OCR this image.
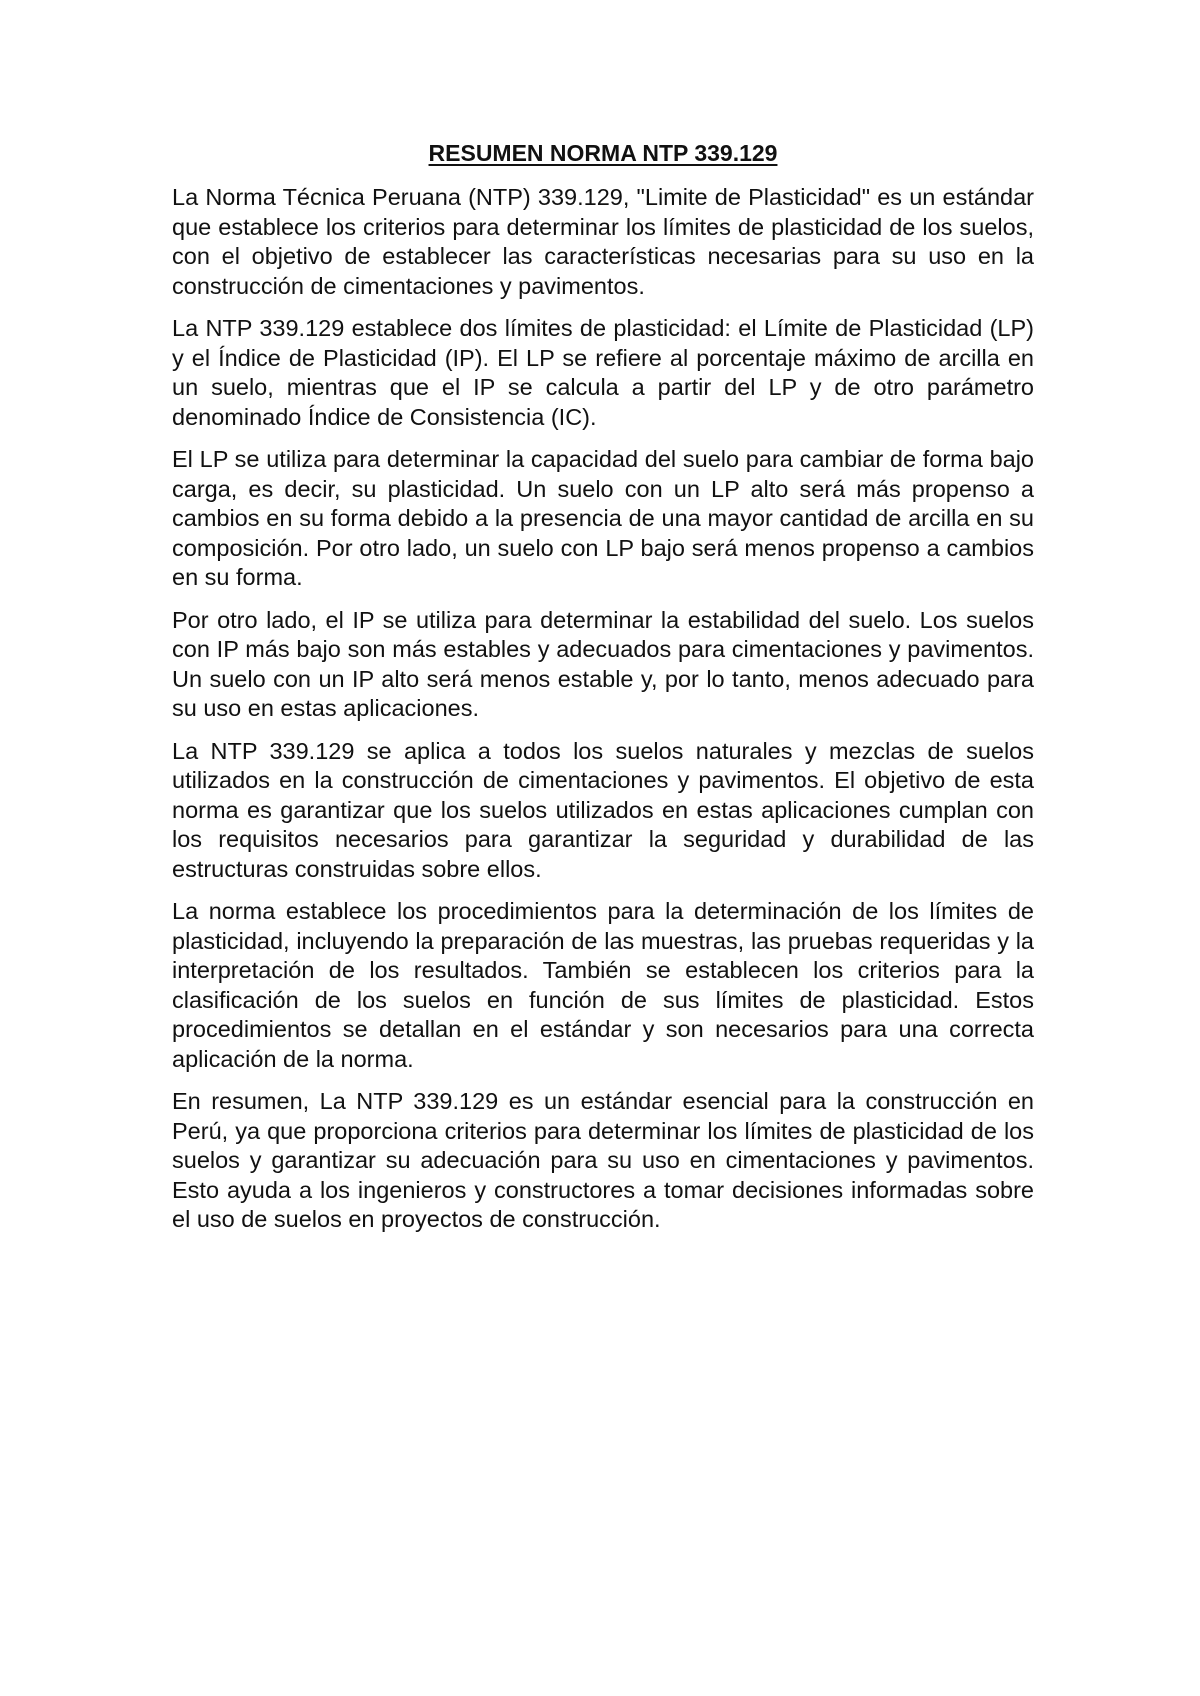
RESUMEN NORMA NTP 339.129

La Norma Técnica Peruana (NTP) 339.129, "Limite de Plasticidad" es un estándar que establece los criterios para determinar los límites de plasticidad de los suelos, con el objetivo de establecer las características necesarias para su uso en la construcción de cimentaciones y pavimentos.

La NTP 339.129 establece dos límites de plasticidad: el Límite de Plasticidad (LP) y el Índice de Plasticidad (IP). El LP se refiere al porcentaje máximo de arcilla en un suelo, mientras que el IP se calcula a partir del LP y de otro parámetro denominado Índice de Consistencia (IC).

El LP se utiliza para determinar la capacidad del suelo para cambiar de forma bajo carga, es decir, su plasticidad. Un suelo con un LP alto será más propenso a cambios en su forma debido a la presencia de una mayor cantidad de arcilla en su composición. Por otro lado, un suelo con LP bajo será menos propenso a cambios en su forma.

Por otro lado, el IP se utiliza para determinar la estabilidad del suelo. Los suelos con IP más bajo son más estables y adecuados para cimentaciones y pavimentos. Un suelo con un IP alto será menos estable y, por lo tanto, menos adecuado para su uso en estas aplicaciones.

La NTP 339.129 se aplica a todos los suelos naturales y mezclas de suelos utilizados en la construcción de cimentaciones y pavimentos. El objetivo de esta norma es garantizar que los suelos utilizados en estas aplicaciones cumplan con los requisitos necesarios para garantizar la seguridad y durabilidad de las estructuras construidas sobre ellos.

La norma establece los procedimientos para la determinación de los límites de plasticidad, incluyendo la preparación de las muestras, las pruebas requeridas y la interpretación de los resultados. También se establecen los criterios para la clasificación de los suelos en función de sus límites de plasticidad. Estos procedimientos se detallan en el estándar y son necesarios para una correcta aplicación de la norma.

En resumen, La NTP 339.129 es un estándar esencial para la construcción en Perú, ya que proporciona criterios para determinar los límites de plasticidad de los suelos y garantizar su adecuación para su uso en cimentaciones y pavimentos. Esto ayuda a los ingenieros y constructores a tomar decisiones informadas sobre el uso de suelos en proyectos de construcción.
